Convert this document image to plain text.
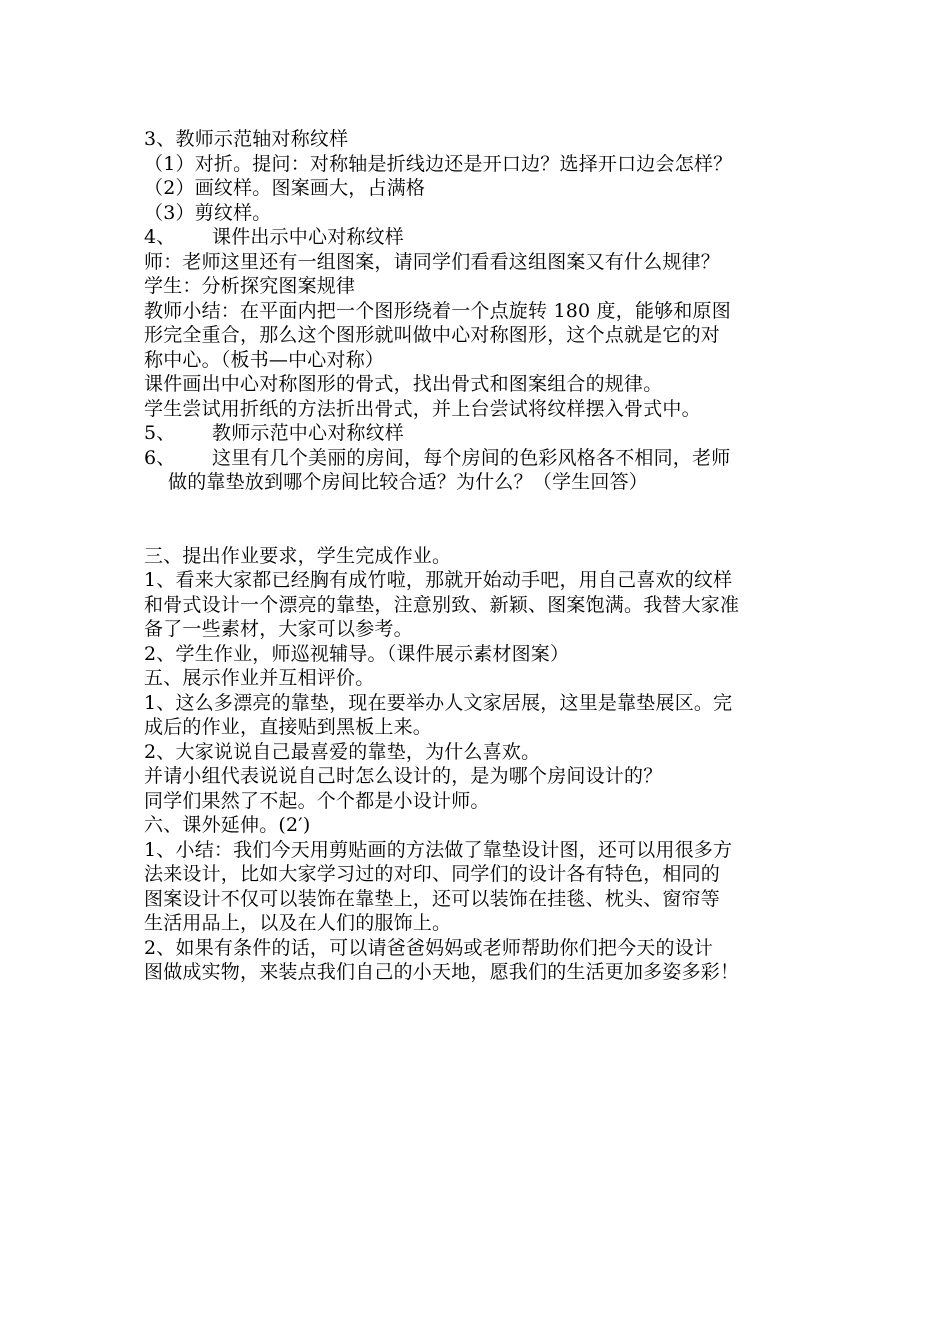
3、教师示范轴对称纹样
（1）对折。提问：对称轴是折线边还是开口边？选择开口边会怎样？
（2）画纹样。图案画大，占满格
（3）剪纹样。
4、 课件出示中心对称纹样
师：老师这里还有一组图案，请同学们看看这组图案又有什么规律？
学生：分析探究图案规律
教师小结：在平面内把一个图形绕着一个点旋转 180 度，能够和原图
形完全重合，那么这个图形就叫做中心对称图形，这个点就是它的对
称中心。（板书—中心对称）
课件画出中心对称图形的骨式，找出骨式和图案组合的规律。
学生尝试用折纸的方法折出骨式，并上台尝试将纹样摆入骨式中。
5、 教师示范中心对称纹样
6、 这里有几个美丽的房间，每个房间的色彩风格各不相同，老师
做的靠垫放到哪个房间比较合适？为什么？（学生回答）
三、提出作业要求，学生完成作业。
1、看来大家都已经胸有成竹啦，那就开始动手吧，用自己喜欢的纹样
和骨式设计一个漂亮的靠垫，注意别致、新颖、图案饱满。我替大家准
备了一些素材，大家可以参考。
2、学生作业，师巡视辅导。（课件展示素材图案）
五、展示作业并互相评价。
1、这么多漂亮的靠垫，现在要举办人文家居展，这里是靠垫展区。完
成后的作业，直接贴到黑板上来。
2、大家说说自己最喜爱的靠垫，为什么喜欢。
并请小组代表说说自己时怎么设计的，是为哪个房间设计的？
同学们果然了不起。个个都是小设计师。
六、课外延伸。(2′)
1、小结：我们今天用剪贴画的方法做了靠垫设计图，还可以用很多方
法来设计，比如大家学习过的对印、同学们的设计各有特色，相同的
图案设计不仅可以装饰在靠垫上，还可以装饰在挂毯、枕头、窗帘等
生活用品上，以及在人们的服饰上。
2、如果有条件的话，可以请爸爸妈妈或老师帮助你们把今天的设计
图做成实物，来装点我们自己的小天地，愿我们的生活更加多姿多彩！
